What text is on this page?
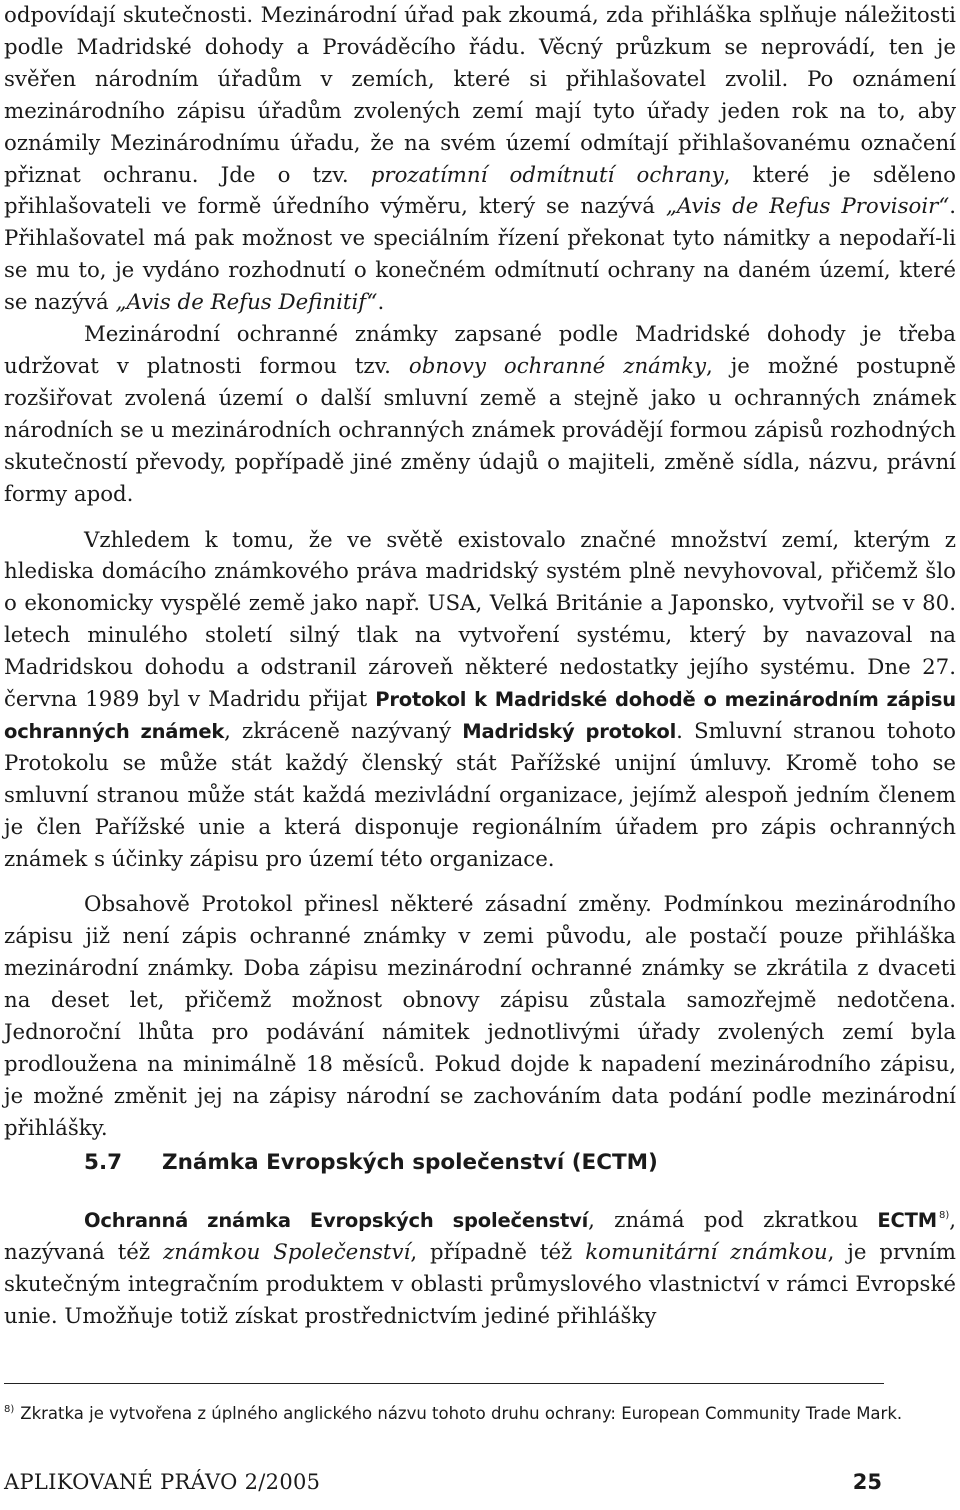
odpovídají skutečnosti. Mezinárodní úřad pak zkoumá, zda přihláška splňuje náležitosti podle Madridské dohody a Prováděcího řádu. Věcný průzkum se neprovádí, ten je svěřen národním úřadům v zemích, které si přihlašovatel zvolil. Po oznámení mezinárodního zápisu úřadům zvolených zemí mají tyto úřady jeden rok na to, aby oznámily Mezinárodnímu úřadu, že na svém území odmítají přihlašovanému označení přiznat ochranu. Jde o tzv. prozatímní odmítnutí ochrany, které je sděleno přihlašovateli ve formě úředního výměru, který se nazývá „Avis de Refus Provisoir“. Přihlašovatel má pak možnost ve speciálním řízení překonat tyto námitky a nepodaří-li se mu to, je vydáno rozhodnutí o konečném odmítnutí ochrany na daném území, které se nazývá „Avis de Refus Definitif“.

Mezinárodní ochranné známky zapsané podle Madridské dohody je třeba udržovat v platnosti formou tzv. obnovy ochranné známky, je možné postupně rozšiřovat zvolená území o další smluvní země a stejně jako u ochranných známek národních se u mezinárodních ochranných známek provádějí formou zápisů rozhodných skutečností převody, popřípadě jiné změny údajů o majiteli, změně sídla, názvu, právní formy apod.

Vzhledem k tomu, že ve světě existovalo značné množství zemí, kterým z hlediska domácího známkového práva madridský systém plně nevyhovoval, přičemž šlo o ekonomicky vyspělé země jako např. USA, Velká Británie a Japonsko, vytvořil se v 80. letech minulého století silný tlak na vytvoření systému, který by navazoval na Madridskou dohodu a odstranil zároveň některé nedostatky jejího systému. Dne 27. června 1989 byl v Madridu přijat Protokol k Madridské dohodě o mezinárodním zápisu ochranných známek, zkráceně nazývaný Madridský protokol. Smluvní stranou tohoto Protokolu se může stát každý členský stát Pařížské unijní úmluvy. Kromě toho se smluvní stranou může stát každá mezivládní organizace, jejímž alespoň jedním členem je člen Pařížské unie a která disponuje regionálním úřadem pro zápis ochranných známek s účinky zápisu pro území této organizace.

Obsahově Protokol přinesl některé zásadní změny. Podmínkou mezinárodního zápisu již není zápis ochranné známky v zemi původu, ale postačí pouze přihláška mezinárodní známky. Doba zápisu mezinárodní ochranné známky se zkrátila z dvaceti na deset let, přičemž možnost obnovy zápisu zůstala samozřejmě nedotčena. Jednoroční lhůta pro podávání námitek jednotlivými úřady zvolených zemí byla prodloužena na minimálně 18 měsíců. Pokud dojde k napadení mezinárodního zápisu, je možné změnit jej na zápisy národní se zachováním data podání podle mezinárodní přihlášky.

5.7 Známka Evropských společenství (ECTM)

Ochranná známka Evropských společenství, známá pod zkratkou ECTM $^{8)}$, nazývaná též známkou Společenství, případně též komunitární známkou, je prvním skutečným integračním produktem v oblasti průmyslového vlastnictví v rámci Evropské unie. Umožňuje totiž získat prostřednictvím jediné přihlášky

$^{8)}$ Zkratka je vytvořena z úplného anglického názvu tohoto druhu ochrany: European Community Trade Mark.
APLIKOVANÉ PRÁVO 2/2005	25
